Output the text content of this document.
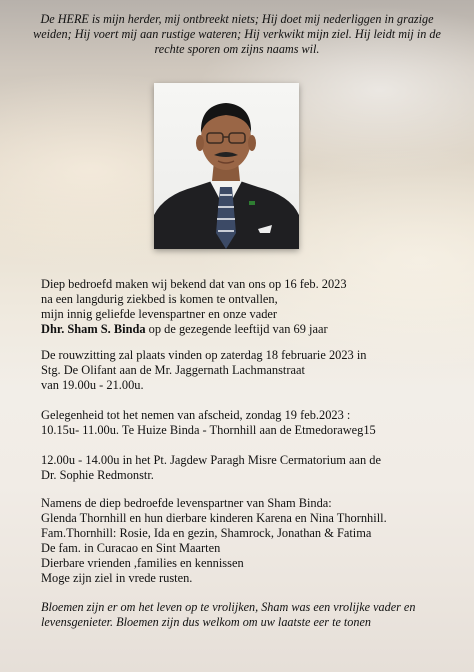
De HERE is mijn herder, mij ontbreekt niets; Hij doet mij nederliggen in grazige weiden; Hij voert mij aan rustige wateren; Hij verkwikt mijn ziel. Hij leidt mij in de rechte sporen om zijns naams wil.

Diep bedroefd maken wij bekend dat van ons op 16 feb. 2023

na een langdurig ziekbed is komen te ontvallen,

mijn innig geliefde levenspartner en onze vader

Dhr. Sham S. Binda op de gezegende leeftijd van 69 jaar

De rouwzitting zal plaats vinden op zaterdag 18 februarie 2023 in

Stg. De Olifant aan de Mr. Jaggernath Lachmanstraat

van 19.00u - 21.00u.

Gelegenheid tot het nemen van afscheid, zondag 19 feb.2023 :

10.15u- 11.00u. Te Huize Binda - Thornhill aan de Etmedoraweg15

12.00u - 14.00u in het Pt. Jagdew Paragh Misre Cermatorium aan de

Dr. Sophie Redmonstr.

Namens de diep bedroefde levenspartner van Sham Binda:

Glenda Thornhill en hun dierbare kinderen Karena en Nina Thornhill.

Fam.Thornhill: Rosie, Ida en gezin, Shamrock, Jonathan & Fatima

De fam. in Curacao en Sint Maarten

Dierbare vrienden ,families en kennissen

Moge zijn ziel in vrede rusten.

Bloemen zijn er om het leven op te vrolijken, Sham was een vrolijke vader en levensgenieter. Bloemen zijn dus welkom om uw laatste eer te tonen
